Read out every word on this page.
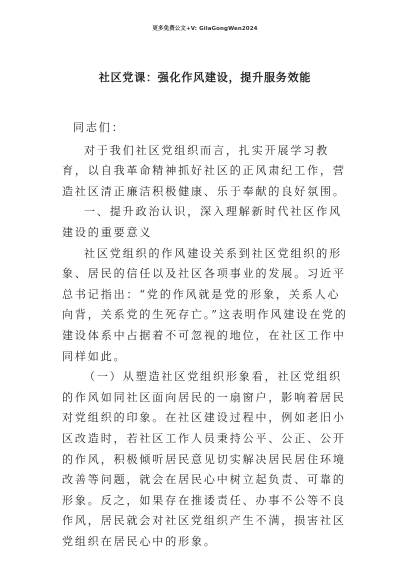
更多免费公文+V: GilaGongWen2024
社区党课：强化作风建设，提升服务效能

同志们：

对于我们社区党组织而言，扎实开展学习教育，以自我革命精神抓好社区的正风肃纪工作，营造社区清正廉洁积极健康、乐于奉献的良好氛围。

一、提升政治认识，深入理解新时代社区作风建设的重要意义

社区党组织的作风建设关系到社区党组织的形象、居民的信任以及社区各项事业的发展。习近平总书记指出：“党的作风就是党的形象，关系人心向背，关系党的生死存亡。”这表明作风建设在党的建设体系中占据着不可忽视的地位，在社区工作中同样如此。

（一）从塑造社区党组织形象看，社区党组织的作风如同社区面向居民的一扇窗户，影响着居民对党组织的印象。在社区建设过程中，例如老旧小区改造时，若社区工作人员秉持公平、公正、公开的作风，积极倾听居民意见切实解决居民居住环境改善等问题，就会在居民心中树立起负责、可靠的形象。反之，如果存在推诿责任、办事不公等不良作风，居民就会对社区党组织产生不满，损害社区党组织在居民心中的形象。
